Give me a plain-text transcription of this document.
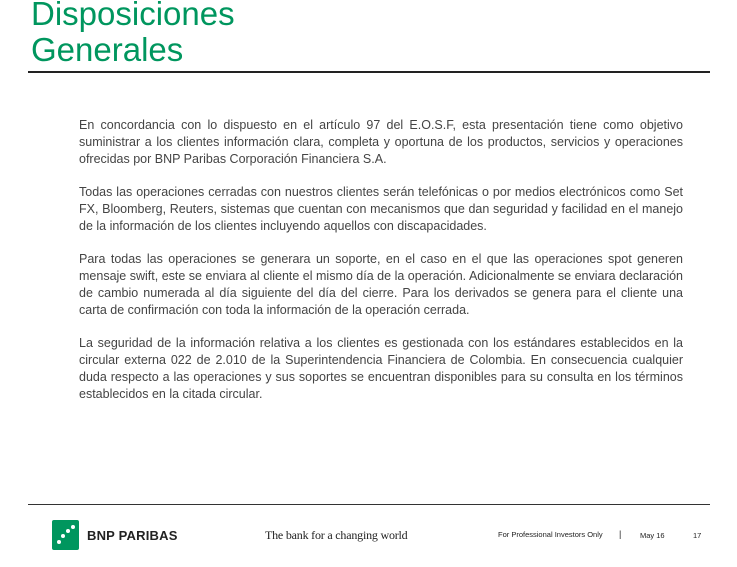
Disposiciones
Generales

En concordancia con lo dispuesto en el artículo 97 del E.O.S.F, esta presentación tiene como objetivo suministrar a los clientes información clara, completa y oportuna de los productos, servicios y operaciones ofrecidas por BNP Paribas Corporación Financiera S.A.

Todas las operaciones cerradas con nuestros clientes serán telefónicas o por medios electrónicos como Set FX, Bloomberg, Reuters, sistemas que cuentan con mecanismos que dan seguridad y facilidad en el manejo de la información de los clientes incluyendo aquellos con discapacidades.

Para todas las operaciones se generara un soporte, en el caso en el que las operaciones spot generen mensaje swift, este se enviara al cliente el mismo día de la operación. Adicionalmente se enviara declaración de cambio numerada al día siguiente del día del cierre. Para los derivados se genera para el cliente una carta de confirmación con toda la información de la operación cerrada.

La seguridad de la información relativa a los clientes es gestionada con los estándares establecidos en la circular externa 022 de 2.010 de la Superintendencia Financiera de Colombia. En consecuencia cualquier duda respecto a las operaciones y sus soportes se encuentran disponibles para su consulta en los términos establecidos en la citada circular.

BNP PARIBAS	The bank for a changing world	For Professional Investors Only | May 16	17
